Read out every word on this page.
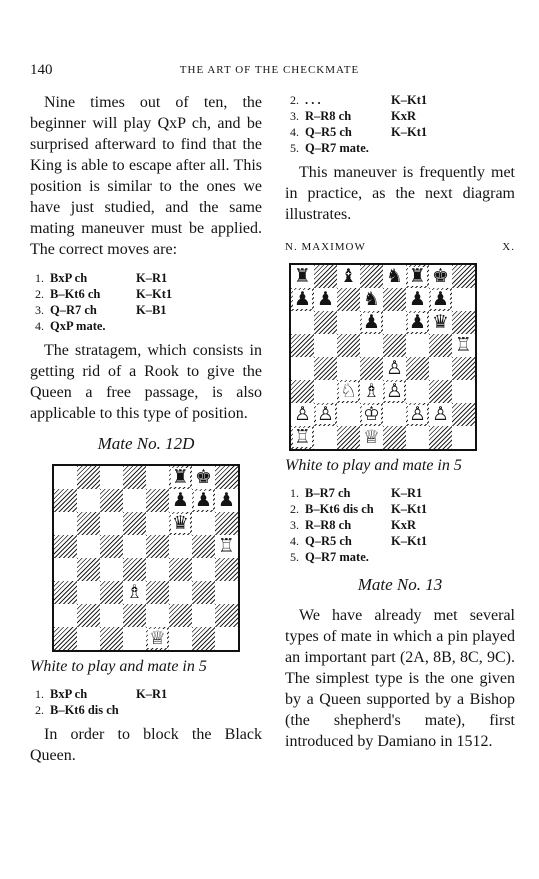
140	THE ART OF THE CHECKMATE

Nine times out of ten, the beginner will play QxP ch, and be surprised afterward to find that the King is able to escape after all. This position is similar to the ones we have just studied, and the same mating maneuver must be applied. The correct moves are:

1. BxP ch	K–R1
2. B–Kt6 ch	K–Kt1
3. Q–R7 ch	K–B1
4. QxP mate.

The stratagem, which consists in getting rid of a Rook to give the Queen a free passage, is also applicable to this type of position.

Mate No. 12D
♜ ♚
♟ ♟ ♟
♛
♖
♗
♕
White to play and mate in 5
1. BxP ch	K–R1
2. B–Kt6 dis ch

In order to block the Black Queen.

2. . . .	K–Kt1
3. R–R8 ch	KxR
4. Q–R5 ch	K–Kt1
5. Q–R7 mate.

This maneuver is frequently met in practice, as the next diagram illustrates.

N. MAXIMOW	X.
♜ ♝ ♞ ♜ ♚
♟ ♟ ♞ ♟ ♟
♟ ♟ ♛
♖
♙
♘ ♗ ♙
♙ ♙ ♔ ♙ ♙
♖	♕
White to play and mate in 5
1. B–R7 ch	K–R1
2. B–Kt6 dis ch	K–Kt1
3. R–R8 ch	KxR
4. Q–R5 ch	K–Kt1
5. Q–R7 mate.
Mate No. 13

We have already met several types of mate in which a pin played an important part (2A, 8B, 8C, 9C). The simplest type is the one given by a Queen supported by a Bishop (the shepherd's mate), first introduced by Damiano in 1512.
